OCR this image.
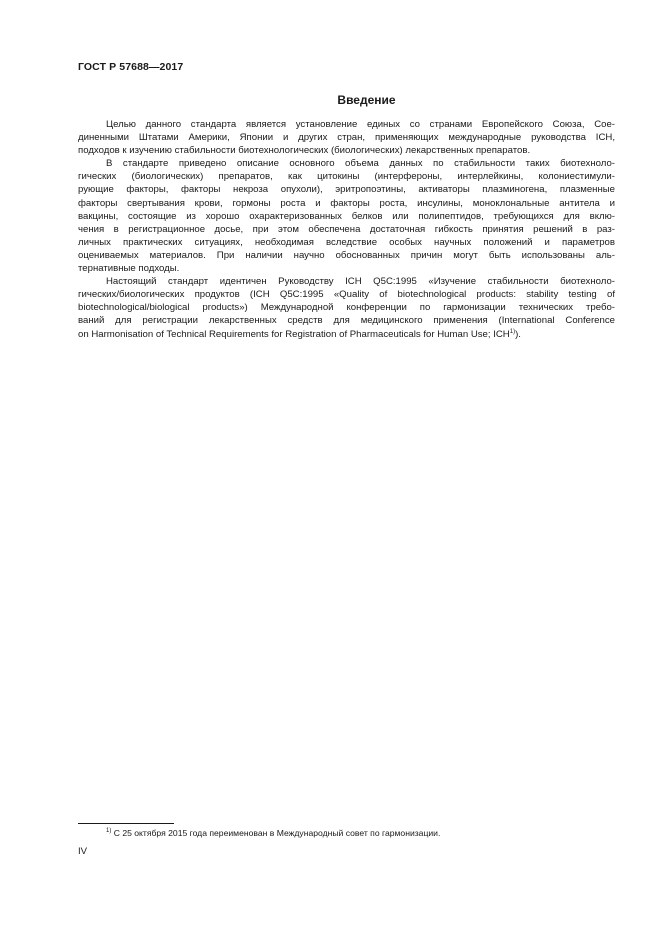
ГОСТ Р 57688—2017
Введение
Целью данного стандарта является установление единых со странами Европейского Союза, Сое-
диненными Штатами Америки, Японии и других стран, применяющих международные руководства ICH,
подходов к изучению стабильности биотехнологических (биологических) лекарственных препаратов.
В стандарте приведено описание основного объема данных по стабильности таких биотехноло-
гических (биологических) препаратов, как цитокины (интерфероны, интерлейкины, колониестимули-
рующие факторы, факторы некроза опухоли), эритропоэтины, активаторы плазминогена, плазменные
факторы свертывания крови, гормоны роста и факторы роста, инсулины, моноклональные антитела и
вакцины, состоящие из хорошо охарактеризованных белков или полипептидов, требующихся для вклю-
чения в регистрационное досье, при этом обеспечена достаточная гибкость принятия решений в раз-
личных практических ситуациях, необходимая вследствие особых научных положений и параметров
оцениваемых материалов. При наличии научно обоснованных причин могут быть использованы аль-
тернативные подходы.
Настоящий стандарт идентичен Руководству ICH Q5C:1995 «Изучение стабильности биотехноло-
гических/биологических продуктов (ICH Q5C:1995 «Quality of biotechnological products: stability testing of
biotechnological/biological products») Международной конференции по гармонизации технических требо-
ваний для регистрации лекарственных средств для медицинского применения (International Conference
on Harmonisation of Technical Requirements for Registration of Pharmaceuticals for Human Use; ICH$^{1)}$).
$^{1)}$ С 25 октября 2015 года переименован в Международный совет по гармонизации.
IV
